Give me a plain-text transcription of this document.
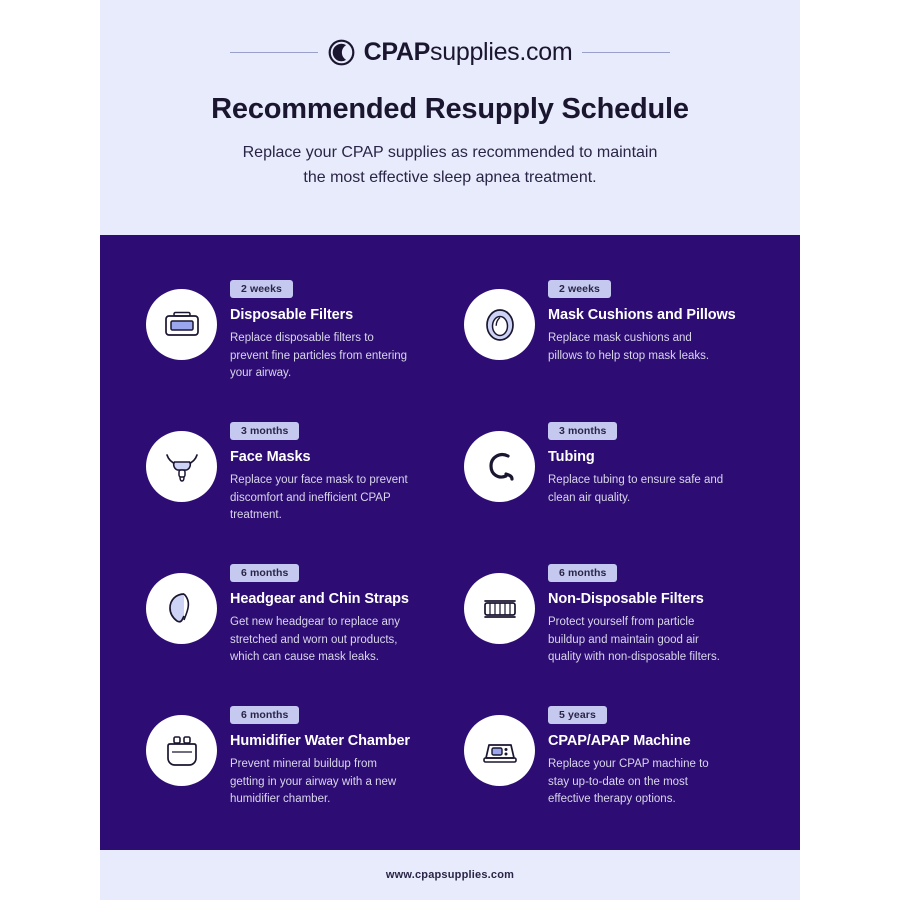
CPAPsupplies.com
Recommended Resupply Schedule
Replace your CPAP supplies as recommended to maintain
the most effective sleep apnea treatment.
2 weeks
Disposable Filters
Replace disposable filters to prevent fine particles from entering your airway.
2 weeks
Mask Cushions and Pillows
Replace mask cushions and pillows to help stop mask leaks.
3 months
Face Masks
Replace your face mask to prevent discomfort and inefficient CPAP treatment.
3 months
Tubing
Replace tubing to ensure safe and clean air quality.
6 months
Headgear and Chin Straps
Get new headgear to replace any stretched and worn out products, which can cause mask leaks.
6 months
Non-Disposable Filters
Protect yourself from particle buildup and maintain good air quality with non-disposable filters.
6 months
Humidifier Water Chamber
Prevent mineral buildup from getting in your airway with a new humidifier chamber.
5 years
CPAP/APAP Machine
Replace your CPAP machine to stay up-to-date on the most effective therapy options.
www.cpapsupplies.com
